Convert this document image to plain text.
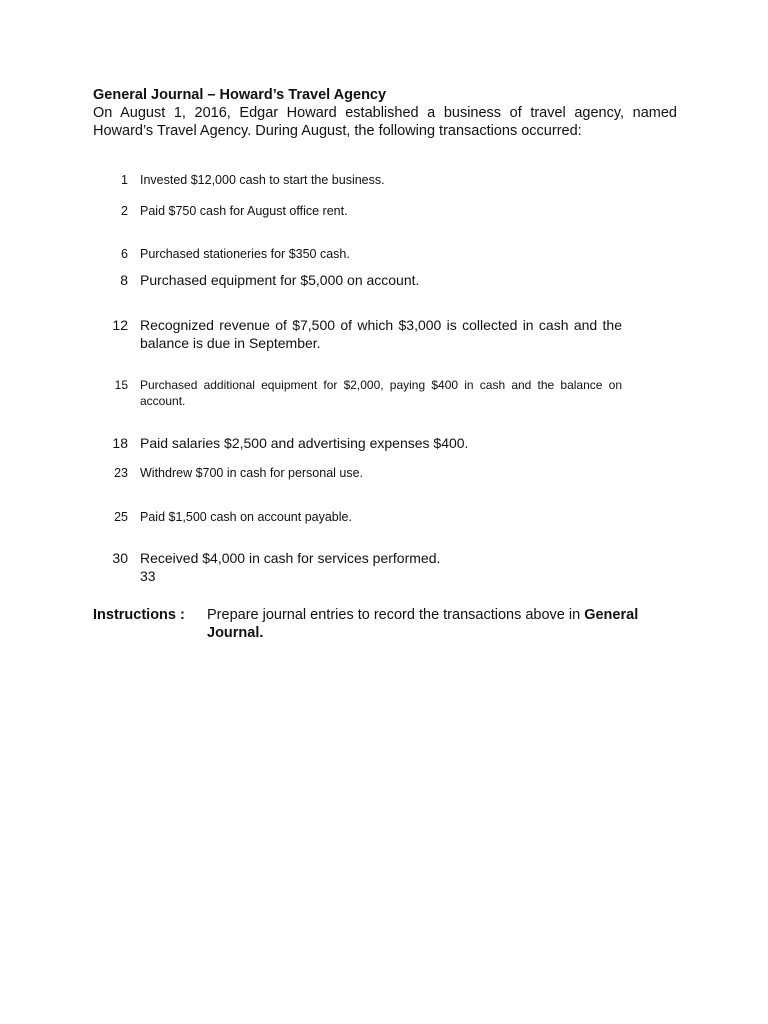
General Journal – Howard’s Travel Agency
On August 1, 2016, Edgar Howard established a business of travel agency, named Howard’s Travel Agency. During August, the following transactions occurred:
1 Invested $12,000 cash to start the business.
2 Paid $750 cash for August office rent.
6 Purchased stationeries for $350 cash.
8 Purchased equipment for $5,000 on account.
12 Recognized revenue of $7,500 of which $3,000 is collected in cash and the balance is due in September.
15 Purchased additional equipment for $2,000, paying $400 in cash and the balance on account.
18 Paid salaries $2,500 and advertising expenses $400.
23 Withdrew $700 in cash for personal use.
25 Paid $1,500 cash on account payable.
30 Received $4,000 in cash for services performed.
33
Instructions : Prepare journal entries to record the transactions above in General
Journal.
